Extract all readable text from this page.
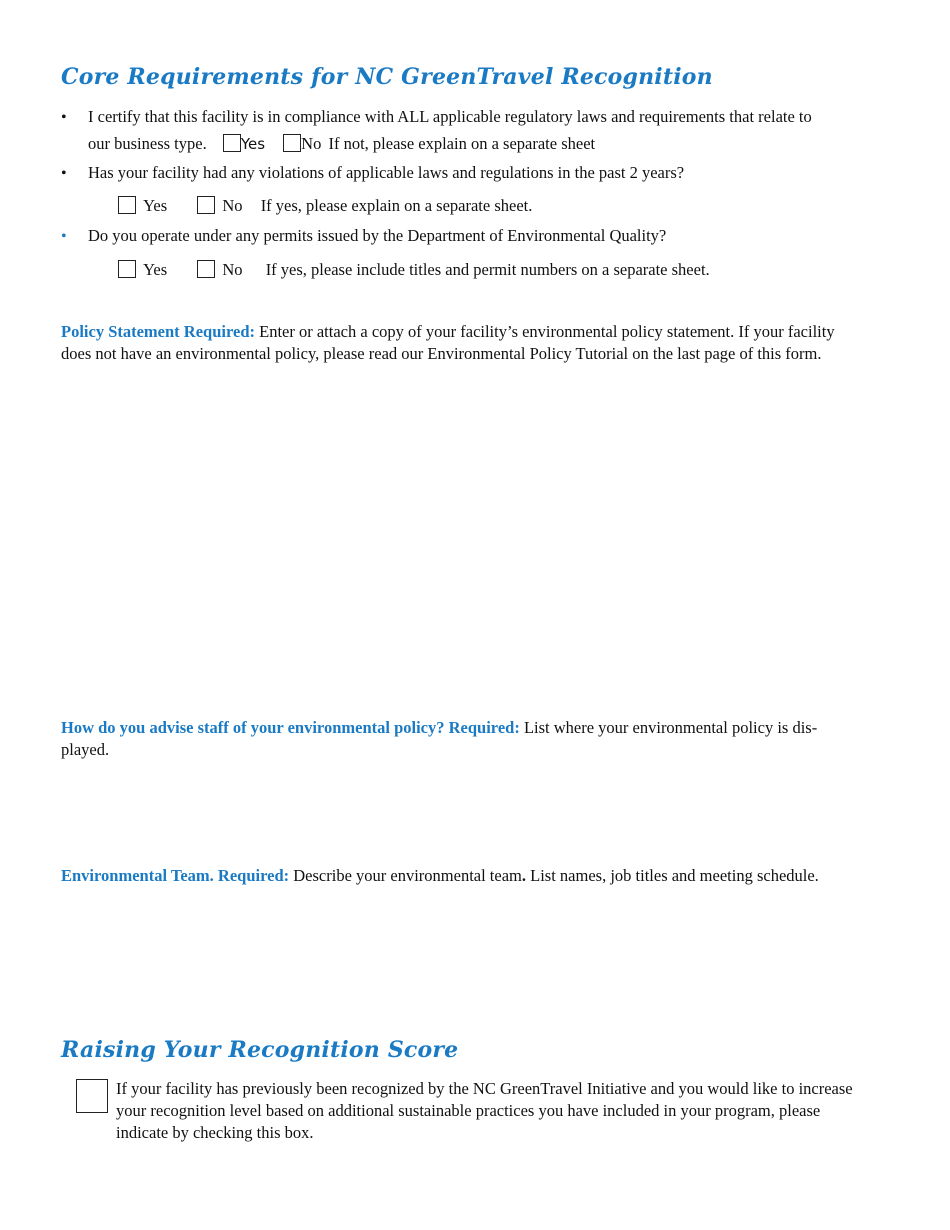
Core Requirements for NC GreenTravel Recognition
• I certify that this facility is in compliance with ALL applicable regulatory laws and requirements that relate to
our business type. Yes No If not, please explain on a separate sheet
• Has your facility had any violations of applicable laws and regulations in the past 2 years?
Yes	No If yes, please explain on a separate sheet.
• Do you operate under any permits issued by the Department of Environmental Quality?
Yes	No If yes, please include titles and permit numbers on a separate sheet.
Policy Statement Required: Enter or attach a copy of your facility’s environmental policy statement. If your facility
does not have an environmental policy, please read our Environmental Policy Tutorial on the last page of this form.
How do you advise staff of your environmental policy? Required: List where your environmental policy is dis-
played.
Environmental Team. Required: Describe your environmental team. List names, job titles and meeting schedule.
Raising Your Recognition Score
If your facility has previously been recognized by the NC GreenTravel Initiative and you would like to increase
your recognition level based on additional sustainable practices you have included in your program, please
indicate by checking this box.
